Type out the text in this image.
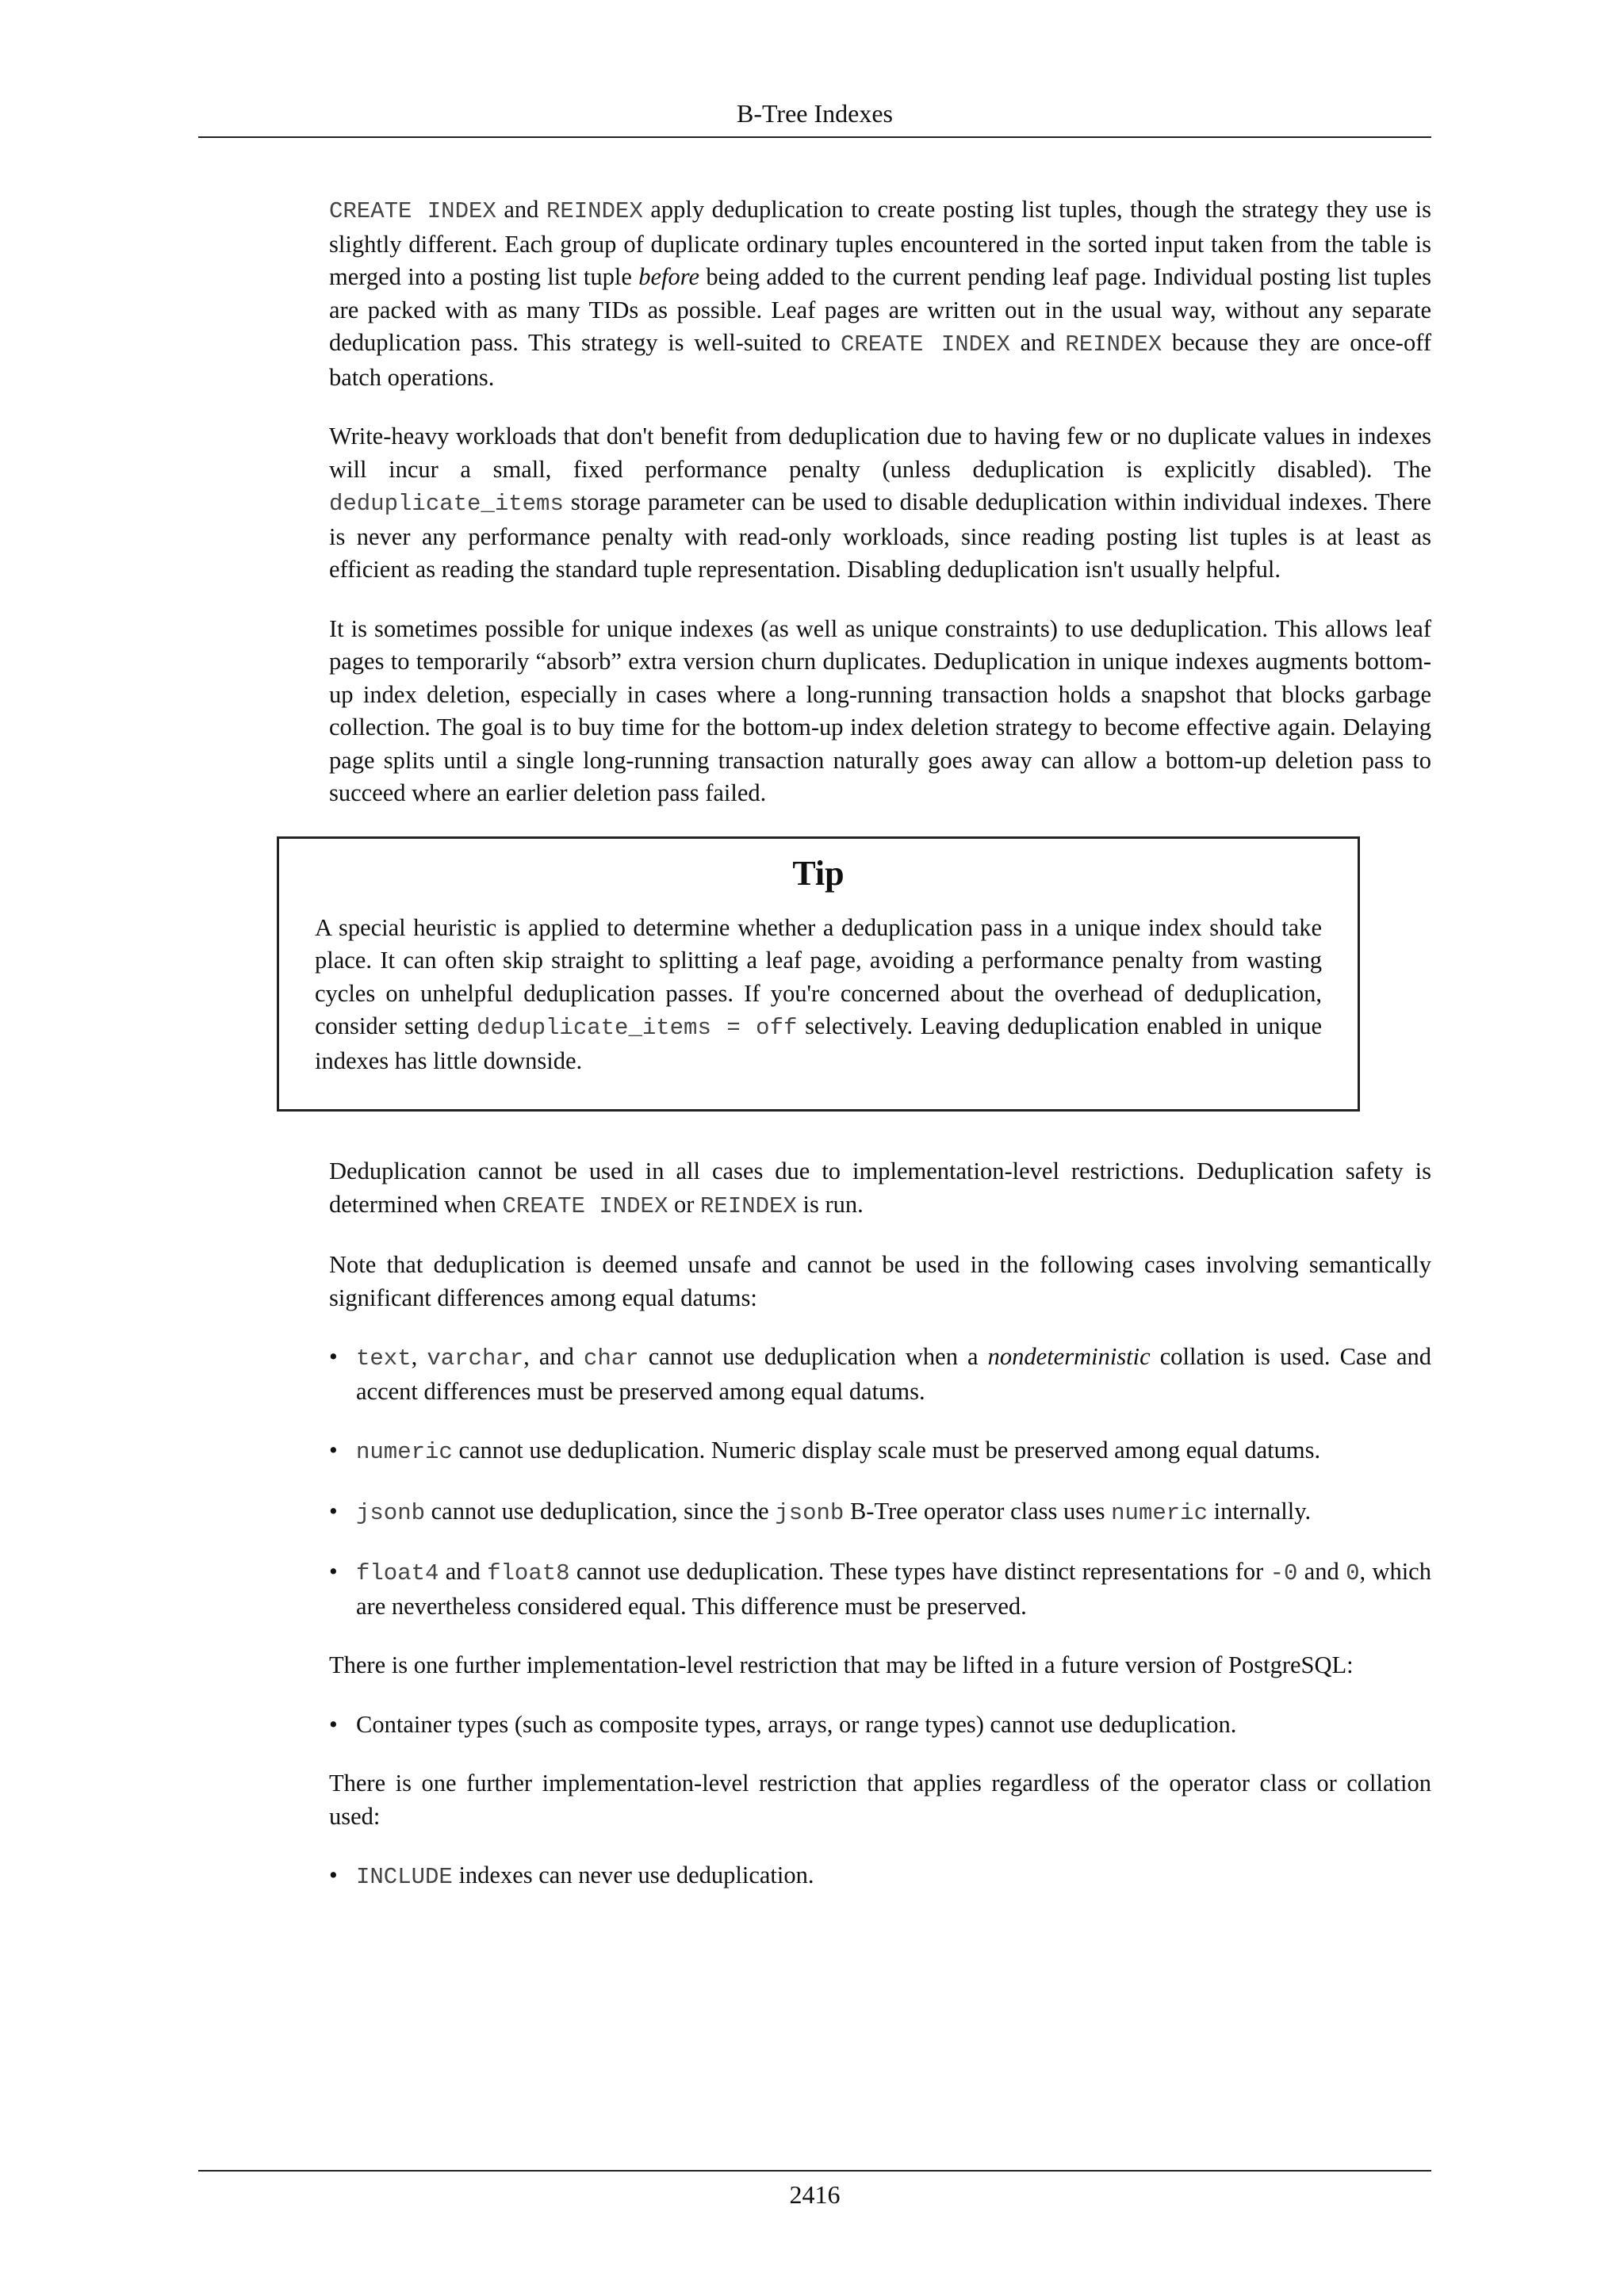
B-Tree Indexes

CREATE INDEX and REINDEX apply deduplication to create posting list tuples, though the strategy they use is slightly different. Each group of duplicate ordinary tuples encountered in the sorted input taken from the table is merged into a posting list tuple before being added to the current pending leaf page. Individual posting list tuples are packed with as many TIDs as possible. Leaf pages are written out in the usual way, without any separate deduplication pass. This strategy is well-suited to CREATE INDEX and REINDEX because they are once-off batch operations.

Write-heavy workloads that don't benefit from deduplication due to having few or no duplicate values in indexes will incur a small, fixed performance penalty (unless deduplication is explicitly disabled). The deduplicate_items storage parameter can be used to disable deduplication within individual indexes. There is never any performance penalty with read-only workloads, since reading posting list tuples is at least as efficient as reading the standard tuple representation. Disabling deduplication isn't usually helpful.

It is sometimes possible for unique indexes (as well as unique constraints) to use deduplication. This allows leaf pages to temporarily “absorb” extra version churn duplicates. Deduplication in unique indexes augments bottom-up index deletion, especially in cases where a long-running transaction holds a snapshot that blocks garbage collection. The goal is to buy time for the bottom-up index deletion strategy to become effective again. Delaying page splits until a single long-running transaction naturally goes away can allow a bottom-up deletion pass to succeed where an earlier deletion pass failed.

Tip

A special heuristic is applied to determine whether a deduplication pass in a unique index should take place. It can often skip straight to splitting a leaf page, avoiding a performance penalty from wasting cycles on unhelpful deduplication passes. If you're concerned about the overhead of deduplication, consider setting deduplicate_items = off selectively. Leaving deduplication enabled in unique indexes has little downside.

Deduplication cannot be used in all cases due to implementation-level restrictions. Deduplication safety is determined when CREATE INDEX or REINDEX is run.

Note that deduplication is deemed unsafe and cannot be used in the following cases involving semantically significant differences among equal datums:

• text, varchar, and char cannot use deduplication when a nondeterministic collation is used. Case and accent differences must be preserved among equal datums.

• numeric cannot use deduplication. Numeric display scale must be preserved among equal datums.

• jsonb cannot use deduplication, since the jsonb B-Tree operator class uses numeric internally.

• float4 and float8 cannot use deduplication. These types have distinct representations for -0 and 0, which are nevertheless considered equal. This difference must be preserved.

There is one further implementation-level restriction that may be lifted in a future version of PostgreSQL:

• Container types (such as composite types, arrays, or range types) cannot use deduplication.

There is one further implementation-level restriction that applies regardless of the operator class or collation used:

• INCLUDE indexes can never use deduplication.

2416
